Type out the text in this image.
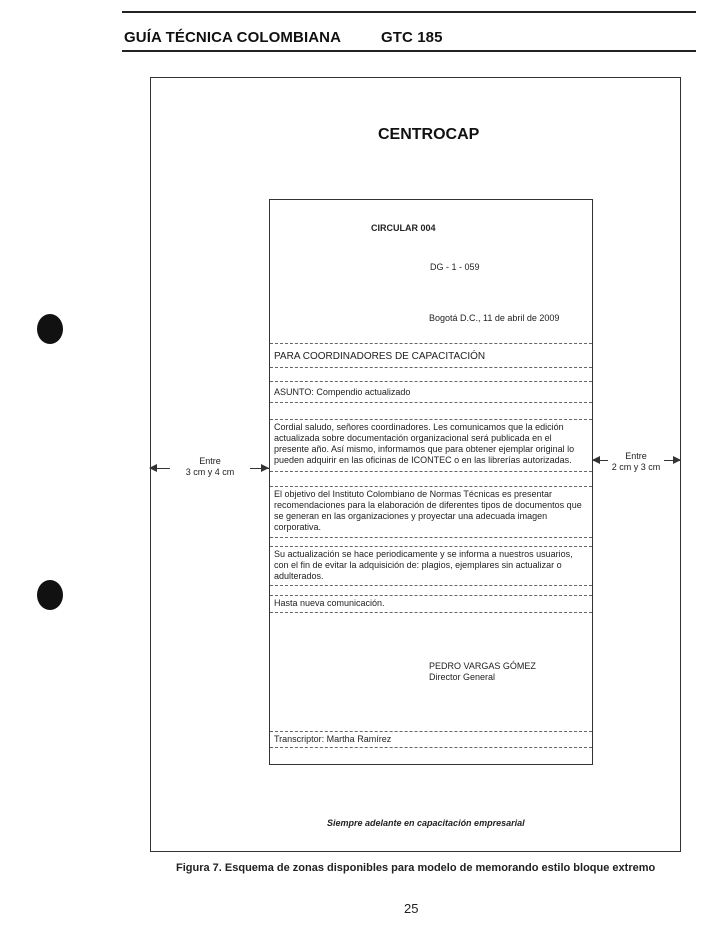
GUÍA TÉCNICA COLOMBIANA	GTC 185
CENTROCAP
CIRCULAR 004
DG - 1 - 059
Bogotá D.C., 11 de abril de 2009
PARA COORDINADORES DE CAPACITACIÓN
ASUNTO: Compendio actualizado
Cordial saludo, señores coordinadores. Les comunicamos que la edición actualizada sobre documentación organizacional será publicada en el presente año. Así mismo, informamos que para obtener ejemplar original lo pueden adquirir en las oficinas de ICONTEC o en las librerías autorizadas.
El objetivo del Instituto Colombiano de Normas Técnicas es presentar recomendaciones para la elaboración de diferentes tipos de documentos que se generan en las organizaciones y proyectar una adecuada imagen corporativa.
Su actualización se hace periodicamente y se informa a nuestros usuarios, con el fin de evitar la adquisición de: plagios, ejemplares sin actualizar o adulterados.
Hasta nueva comunicación.
PEDRO VARGAS GÓMEZ
Director General
Transcriptor: Martha Ramírez
Siempre adelante en capacitación empresarial
Entre
3 cm y 4 cm
Entre
2 cm y 3 cm
Figura 7. Esquema de zonas disponibles para modelo de memorando estilo bloque extremo
25
